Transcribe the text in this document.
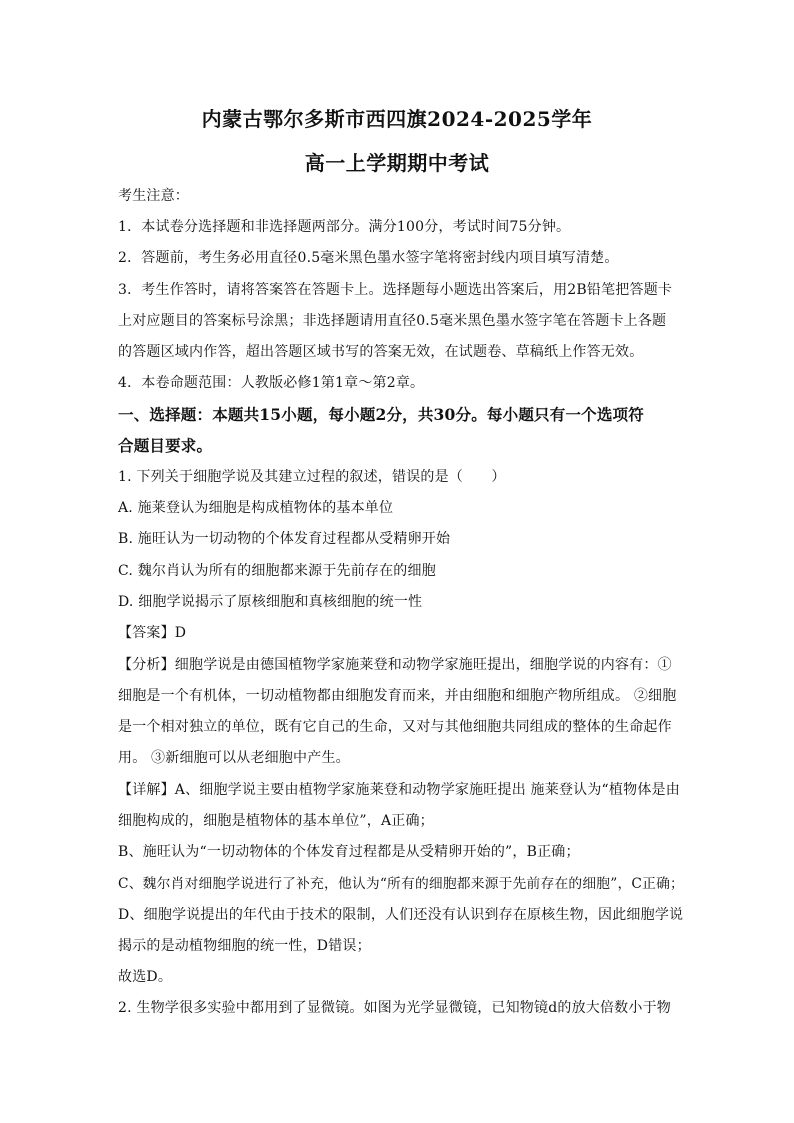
内蒙古鄂尔多斯市西四旗2024-2025学年
高一上学期期中考试
考生注意：
1．本试卷分选择题和非选择题两部分。满分100分，考试时间75分钟。
2．答题前，考生务必用直径0.5毫米黑色墨水签字笔将密封线内项目填写清楚。
3．考生作答时，请将答案答在答题卡上。选择题每小题选出答案后，用2B铅笔把答题卡
上对应题目的答案标号涂黑；非选择题请用直径0.5毫米黑色墨水签字笔在答题卡上各题
的答题区域内作答，超出答题区域书写的答案无效，在试题卷、草稿纸上作答无效。
4．本卷命题范围：人教版必修1第1章～第2章。
一、选择题：本题共15小题，每小题2分，共30分。每小题只有一个选项符
合题目要求。
1. 下列关于细胞学说及其建立过程的叙述，错误的是（　　）
A. 施莱登认为细胞是构成植物体的基本单位
B. 施旺认为一切动物的个体发育过程都从受精卵开始
C. 魏尔肖认为所有的细胞都来源于先前存在的细胞
D. 细胞学说揭示了原核细胞和真核细胞的统一性
【答案】D
【分析】细胞学说是由德国植物学家施莱登和动物学家施旺提出，细胞学说的内容有：①
细胞是一个有机体，一切动植物都由细胞发育而来，并由细胞和细胞产物所组成。 ②细胞
是一个相对独立的单位，既有它自己的生命，又对与其他细胞共同组成的整体的生命起作
用。 ③新细胞可以从老细胞中产生。
【详解】A、细胞学说主要由植物学家施莱登和动物学家施旺提出 施莱登认为“植物体是由
细胞构成的，细胞是植物体的基本单位”，A正确；
B、施旺认为“一切动物体的个体发育过程都是从受精卵开始的”，B正确；
C、魏尔肖对细胞学说进行了补充，他认为“所有的细胞都来源于先前存在的细胞”，C正确；
D、细胞学说提出的年代由于技术的限制，人们还没有认识到存在原核生物，因此细胞学说
揭示的是动植物细胞的统一性，D错误；
故选D。
2. 生物学很多实验中都用到了显微镜。如图为光学显微镜，已知物镜d的放大倍数小于物
